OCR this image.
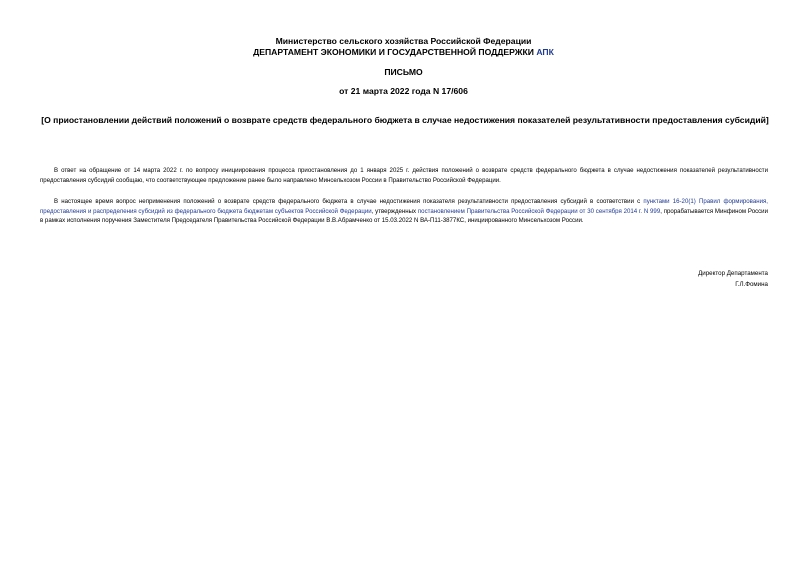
Министерство сельского хозяйства Российской Федерации
ДЕПАРТАМЕНТ ЭКОНОМИКИ И ГОСУДАРСТВЕННОЙ ПОДДЕРЖКИ АПК
ПИСЬМО
от 21 марта 2022 года N 17/606
[О приостановлении действий положений о возврате средств федерального бюджета в случае недостижения показателей результативности предоставления субсидий]
В ответ на обращение от 14 марта 2022 г. по вопросу инициирования процесса приостановления до 1 января 2025 г. действия положений о возврате средств федерального бюджета в случае недостижения показателей результативности предоставления субсидий сообщаю, что соответствующее предложение ранее было направлено Минсельхозом России в Правительство Российской Федерации.
В настоящее время вопрос неприменения положений о возврате средств федерального бюджета в случае недостижения показателя результативности предоставления субсидий в соответствии с пунктами 16-20(1) Правил формирования, предоставления и распределения субсидий из федерального бюджета бюджетам субъектов Российской Федерации, утвержденных постановлением Правительства Российской Федерации от 30 сентября 2014 г. N 999, прорабатывается Минфином России в рамках исполнения поручения Заместителя Председателя Правительства Российской Федерации В.В.Абрамченко от 15.03.2022 N ВА-П11-3877КС, инициированного Минсельхозом России.
Директор Департамента
Г.Л.Фомина
